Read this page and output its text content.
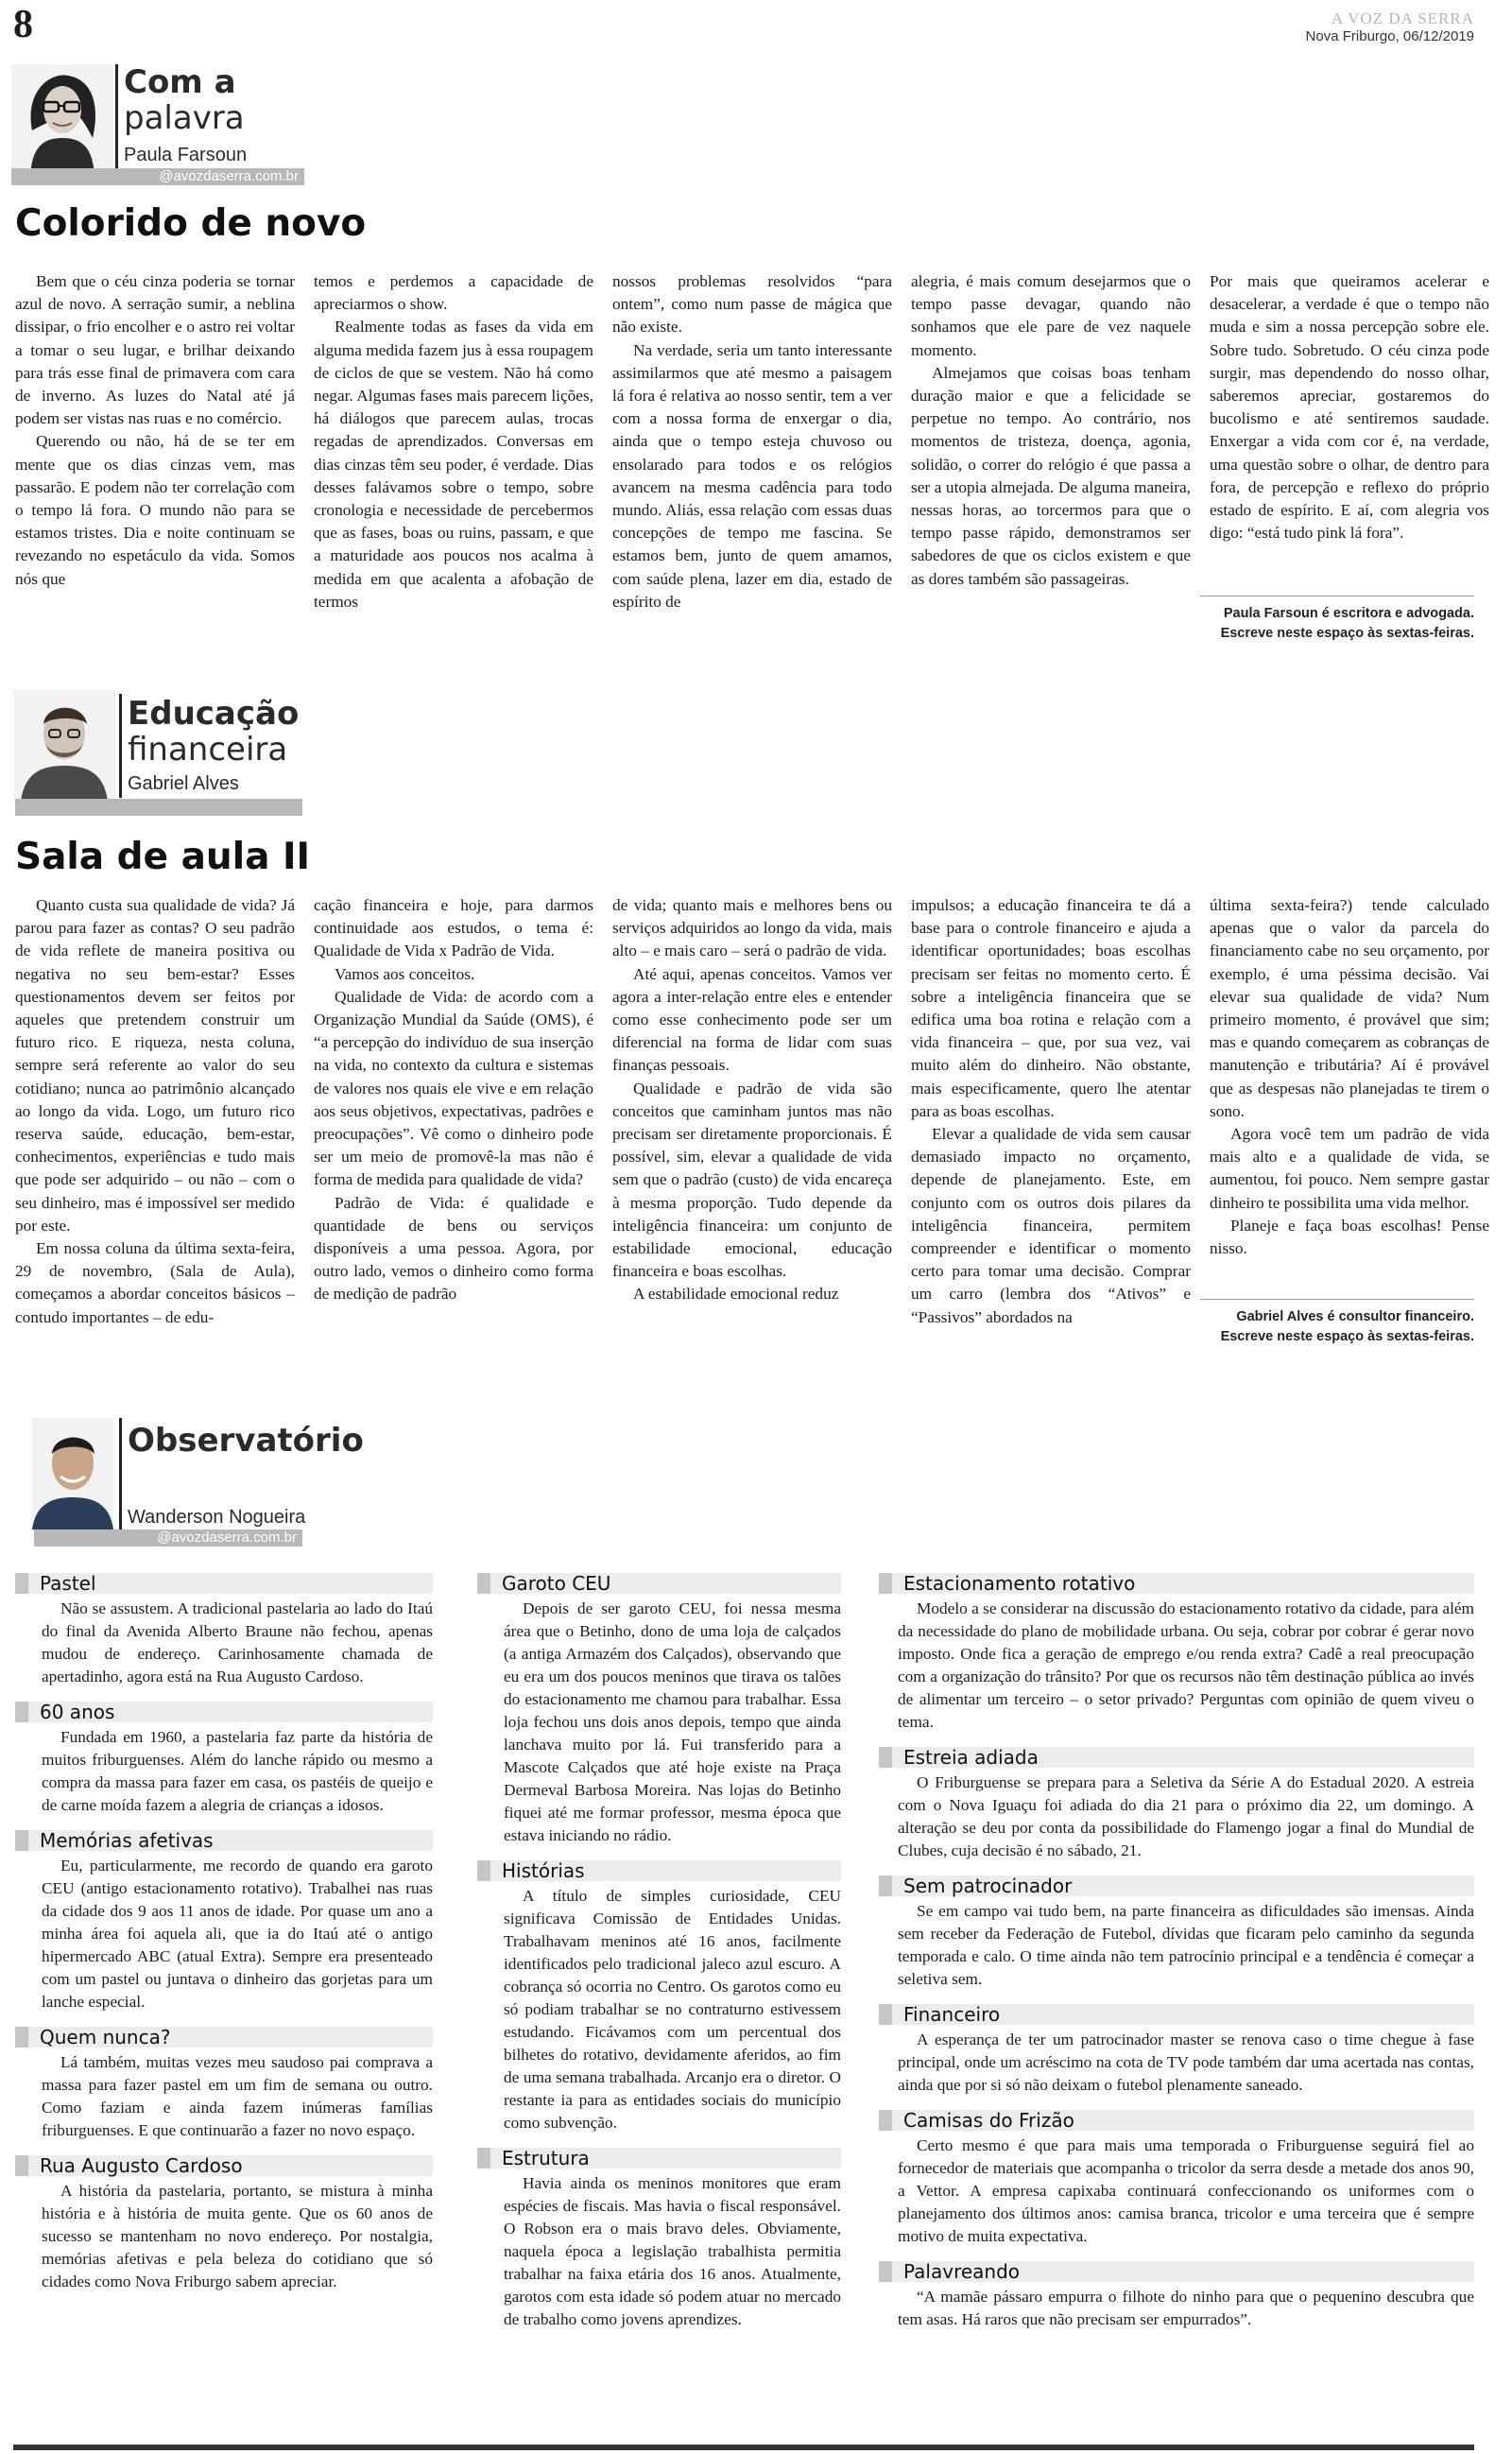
8	A VOZ DA SERRA
Nova Friburgo, 06/12/2019
Com a
palavra
Paula Farsoun
@avozdaserra.com.br
Colorido de novo

Bem que o céu cinza poderia se tornar azul de novo. A serração sumir, a neblina dissipar, o frio encolher e o astro rei voltar a tomar o seu lugar, e brilhar deixando para trás esse final de primavera com cara de inverno. As luzes do Natal até já podem ser vistas nas ruas e no comércio.

Querendo ou não, há de se ter em mente que os dias cinzas vem, mas passarão. E podem não ter correlação com o tempo lá fora. O mundo não para se estamos tristes. Dia e noite continuam se revezando no espetáculo da vida. Somos nós que

temos e perdemos a capacidade de apreciarmos o show.

Realmente todas as fases da vida em alguma medida fazem jus à essa roupagem de ciclos de que se vestem. Não há como negar. Algumas fases mais parecem lições, há diálogos que parecem aulas, trocas regadas de aprendizados. Conversas em dias cinzas têm seu poder, é verdade. Dias desses falávamos sobre o tempo, sobre cronologia e necessidade de percebermos que as fases, boas ou ruins, passam, e que a maturidade aos poucos nos acalma à medida em que acalenta a afobação de termos

nossos problemas resolvidos “para ontem”, como num passe de mágica que não existe.

Na verdade, seria um tanto interessante assimilarmos que até mesmo a paisagem lá fora é relativa ao nosso sentir, tem a ver com a nossa forma de enxergar o dia, ainda que o tempo esteja chuvoso ou ensolarado para todos e os relógios avancem na mesma cadência para todo mundo. Aliás, essa relação com essas duas concepções de tempo me fascina. Se estamos bem, junto de quem amamos, com saúde plena, lazer em dia, estado de espírito de

alegria, é mais comum desejarmos que o tempo passe devagar, quando não sonhamos que ele pare de vez naquele momento.

Almejamos que coisas boas tenham duração maior e que a felicidade se perpetue no tempo. Ao contrário, nos momentos de tristeza, doença, agonia, solidão, o correr do relógio é que passa a ser a utopia almejada. De alguma maneira, nessas horas, ao torcermos para que o tempo passe rápido, demonstramos ser sabedores de que os ciclos existem e que as dores também são passageiras.

Por mais que queiramos acelerar e desacelerar, a verdade é que o tempo não muda e sim a nossa percepção sobre ele. Sobre tudo. Sobretudo. O céu cinza pode surgir, mas dependendo do nosso olhar, saberemos apreciar, gostaremos do bucolismo e até sentiremos saudade. Enxergar a vida com cor é, na verdade, uma questão sobre o olhar, de dentro para fora, de percepção e reflexo do próprio estado de espírito. E aí, com alegria vos digo: “está tudo pink lá fora”.

Paula Farsoun é escritora e advogada.
Escreve neste espaço às sextas-feiras.
Educação
financeira
Gabriel Alves
Sala de aula II

Quanto custa sua qualidade de vida? Já parou para fazer as contas? O seu padrão de vida reflete de maneira positiva ou negativa no seu bem-estar? Esses questionamentos devem ser feitos por aqueles que pretendem construir um futuro rico. E riqueza, nesta coluna, sempre será referente ao valor do seu cotidiano; nunca ao patrimônio alcançado ao longo da vida. Logo, um futuro rico reserva saúde, educação, bem-estar, conhecimentos, experiências e tudo mais que pode ser adquirido – ou não – com o seu dinheiro, mas é impossível ser medido por este.

Em nossa coluna da última sexta-feira, 29 de novembro, (Sala de Aula), começamos a abordar conceitos básicos – contudo importantes – de edu-

cação financeira e hoje, para darmos continuidade aos estudos, o tema é: Qualidade de Vida x Padrão de Vida.

Vamos aos conceitos.

Qualidade de Vida: de acordo com a Organização Mundial da Saúde (OMS), é “a percepção do indivíduo de sua inserção na vida, no contexto da cultura e sistemas de valores nos quais ele vive e em relação aos seus objetivos, expectativas, padrões e preocupações”. Vê como o dinheiro pode ser um meio de promovê-la mas não é forma de medida para qualidade de vida?

Padrão de Vida: é qualidade e quantidade de bens ou serviços disponíveis a uma pessoa. Agora, por outro lado, vemos o dinheiro como forma de medição de padrão

de vida; quanto mais e melhores bens ou serviços adquiridos ao longo da vida, mais alto – e mais caro – será o padrão de vida.

Até aqui, apenas conceitos. Vamos ver agora a inter-relação entre eles e entender como esse conhecimento pode ser um diferencial na forma de lidar com suas finanças pessoais.

Qualidade e padrão de vida são conceitos que caminham juntos mas não precisam ser diretamente proporcionais. É possível, sim, elevar a qualidade de vida sem que o padrão (custo) de vida encareça à mesma proporção. Tudo depende da inteligência financeira: um conjunto de estabilidade emocional, educação financeira e boas escolhas.

A estabilidade emocional reduz

impulsos; a educação financeira te dá a base para o controle financeiro e ajuda a identificar oportunidades; boas escolhas precisam ser feitas no momento certo. É sobre a inteligência financeira que se edifica uma boa rotina e relação com a vida financeira – que, por sua vez, vai muito além do dinheiro. Não obstante, mais especificamente, quero lhe atentar para as boas escolhas.

Elevar a qualidade de vida sem causar demasiado impacto no orçamento, depende de planejamento. Este, em conjunto com os outros dois pilares da inteligência financeira, permitem compreender e identificar o momento certo para tomar uma decisão. Comprar um carro (lembra dos “Ativos” e “Passivos” abordados na

última sexta-feira?) tende calculado apenas que o valor da parcela do financiamento cabe no seu orçamento, por exemplo, é uma péssima decisão. Vai elevar sua qualidade de vida? Num primeiro momento, é provável que sim; mas e quando começarem as cobranças de manutenção e tributária? Aí é provável que as despesas não planejadas te tirem o sono.

Agora você tem um padrão de vida mais alto e a qualidade de vida, se aumentou, foi pouco. Nem sempre gastar dinheiro te possibilita uma vida melhor.

Planeje e faça boas escolhas! Pense nisso.

Gabriel Alves é consultor financeiro.
Escreve neste espaço às sextas-feiras.
Observatório
Wanderson Nogueira
@avozdaserra.com.br
Pastel

Não se assustem. A tradicional pastelaria ao lado do Itaú do final da Avenida Alberto Braune não fechou, apenas mudou de endereço. Carinhosamente chamada de apertadinho, agora está na Rua Augusto Cardoso.

60 anos

Fundada em 1960, a pastelaria faz parte da história de muitos friburguenses. Além do lanche rápido ou mesmo a compra da massa para fazer em casa, os pastéis de queijo e de carne moída fazem a alegria de crianças a idosos.

Memórias afetivas

Eu, particularmente, me recordo de quando era garoto CEU (antigo estacionamento rotativo). Trabalhei nas ruas da cidade dos 9 aos 11 anos de idade. Por quase um ano a minha área foi aquela ali, que ia do Itaú até o antigo hipermercado ABC (atual Extra). Sempre era presenteado com um pastel ou juntava o dinheiro das gorjetas para um lanche especial.

Quem nunca?

Lá também, muitas vezes meu saudoso pai comprava a massa para fazer pastel em um fim de semana ou outro. Como faziam e ainda fazem inúmeras famílias friburguenses. E que continuarão a fazer no novo espaço.

Rua Augusto Cardoso

A história da pastelaria, portanto, se mistura à minha história e à história de muita gente. Que os 60 anos de sucesso se mantenham no novo endereço. Por nostalgia, memórias afetivas e pela beleza do cotidiano que só cidades como Nova Friburgo sabem apreciar.

Garoto CEU

Depois de ser garoto CEU, foi nessa mesma área que o Betinho, dono de uma loja de calçados (a antiga Armazém dos Calçados), observando que eu era um dos poucos meninos que tirava os talões do estacionamento me chamou para trabalhar. Essa loja fechou uns dois anos depois, tempo que ainda lanchava muito por lá. Fui transferido para a Mascote Calçados que até hoje existe na Praça Dermeval Barbosa Moreira. Nas lojas do Betinho fiquei até me formar professor, mesma época que estava iniciando no rádio.

Histórias

A título de simples curiosidade, CEU significava Comissão de Entidades Unidas. Trabalhavam meninos até 16 anos, facilmente identificados pelo tradicional jaleco azul escuro. A cobrança só ocorria no Centro. Os garotos como eu só podiam trabalhar se no contraturno estivessem estudando. Ficávamos com um percentual dos bilhetes do rotativo, devidamente aferidos, ao fim de uma semana trabalhada. Arcanjo era o diretor. O restante ia para as entidades sociais do município como subvenção.

Estrutura

Havia ainda os meninos monitores que eram espécies de fiscais. Mas havia o fiscal responsável. O Robson era o mais bravo deles. Obviamente, naquela época a legislação trabalhista permitia trabalhar na faixa etária dos 16 anos. Atualmente, garotos com esta idade só podem atuar no mercado de trabalho como jovens aprendizes.

Estacionamento rotativo

Modelo a se considerar na discussão do estacionamento rotativo da cidade, para além da necessidade do plano de mobilidade urbana. Ou seja, cobrar por cobrar é gerar novo imposto. Onde fica a geração de emprego e/ou renda extra? Cadê a real preocupação com a organização do trânsito? Por que os recursos não têm destinação pública ao invés de alimentar um terceiro – o setor privado? Perguntas com opinião de quem viveu o tema.

Estreia adiada

O Friburguense se prepara para a Seletiva da Série A do Estadual 2020. A estreia com o Nova Iguaçu foi adiada do dia 21 para o próximo dia 22, um domingo. A alteração se deu por conta da possibilidade do Flamengo jogar a final do Mundial de Clubes, cuja decisão é no sábado, 21.

Sem patrocinador

Se em campo vai tudo bem, na parte financeira as dificuldades são imensas. Ainda sem receber da Federação de Futebol, dívidas que ficaram pelo caminho da segunda temporada e calo. O time ainda não tem patrocínio principal e a tendência é começar a seletiva sem.

Financeiro

A esperança de ter um patrocinador master se renova caso o time chegue à fase principal, onde um acréscimo na cota de TV pode também dar uma acertada nas contas, ainda que por si só não deixam o futebol plenamente saneado.

Camisas do Frizão

Certo mesmo é que para mais uma temporada o Friburguense seguirá fiel ao fornecedor de materiais que acompanha o tricolor da serra desde a metade dos anos 90, a Vettor. A empresa capixaba continuará confeccionando os uniformes com o planejamento dos últimos anos: camisa branca, tricolor e uma terceira que é sempre motivo de muita expectativa.

Palavreando

“A mamãe pássaro empurra o filhote do ninho para que o pequenino descubra que tem asas. Há raros que não precisam ser empurrados”.
